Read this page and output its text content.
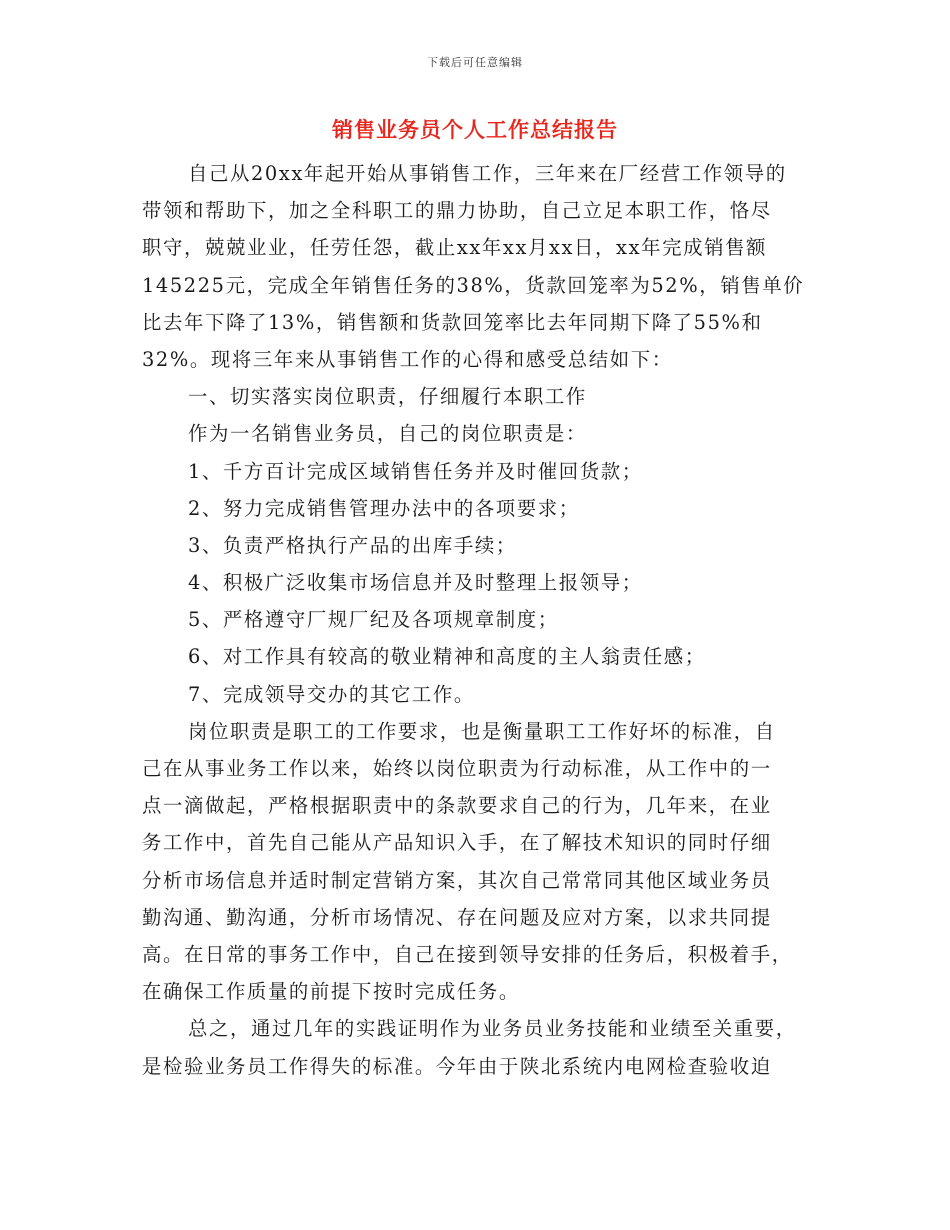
下载后可任意编辑
销售业务员个人工作总结报告
自己从20xx年起开始从事销售工作，三年来在厂经营工作领导的
带领和帮助下，加之全科职工的鼎力协助，自己立足本职工作，恪尽
职守，兢兢业业，任劳任怨，截止xx年xx月xx日，xx年完成销售额
145225元，完成全年销售任务的38%，货款回笼率为52%，销售单价
比去年下降了13%，销售额和货款回笼率比去年同期下降了55%和
32%。现将三年来从事销售工作的心得和感受总结如下：
一、切实落实岗位职责，仔细履行本职工作
作为一名销售业务员，自己的岗位职责是：
1、千方百计完成区域销售任务并及时催回货款；
2、努力完成销售管理办法中的各项要求；
3、负责严格执行产品的出库手续；
4、积极广泛收集市场信息并及时整理上报领导；
5、严格遵守厂规厂纪及各项规章制度；
6、对工作具有较高的敬业精神和高度的主人翁责任感；
7、完成领导交办的其它工作。
岗位职责是职工的工作要求，也是衡量职工工作好坏的标准，自
己在从事业务工作以来，始终以岗位职责为行动标准，从工作中的一
点一滴做起，严格根据职责中的条款要求自己的行为，几年来，在业
务工作中，首先自己能从产品知识入手，在了解技术知识的同时仔细
分析市场信息并适时制定营销方案，其次自己常常同其他区域业务员
勤沟通、勤沟通，分析市场情况、存在问题及应对方案，以求共同提
高。在日常的事务工作中，自己在接到领导安排的任务后，积极着手，
在确保工作质量的前提下按时完成任务。
总之，通过几年的实践证明作为业务员业务技能和业绩至关重要，
是检验业务员工作得失的标准。今年由于陕北系统内电网检查验收迫
